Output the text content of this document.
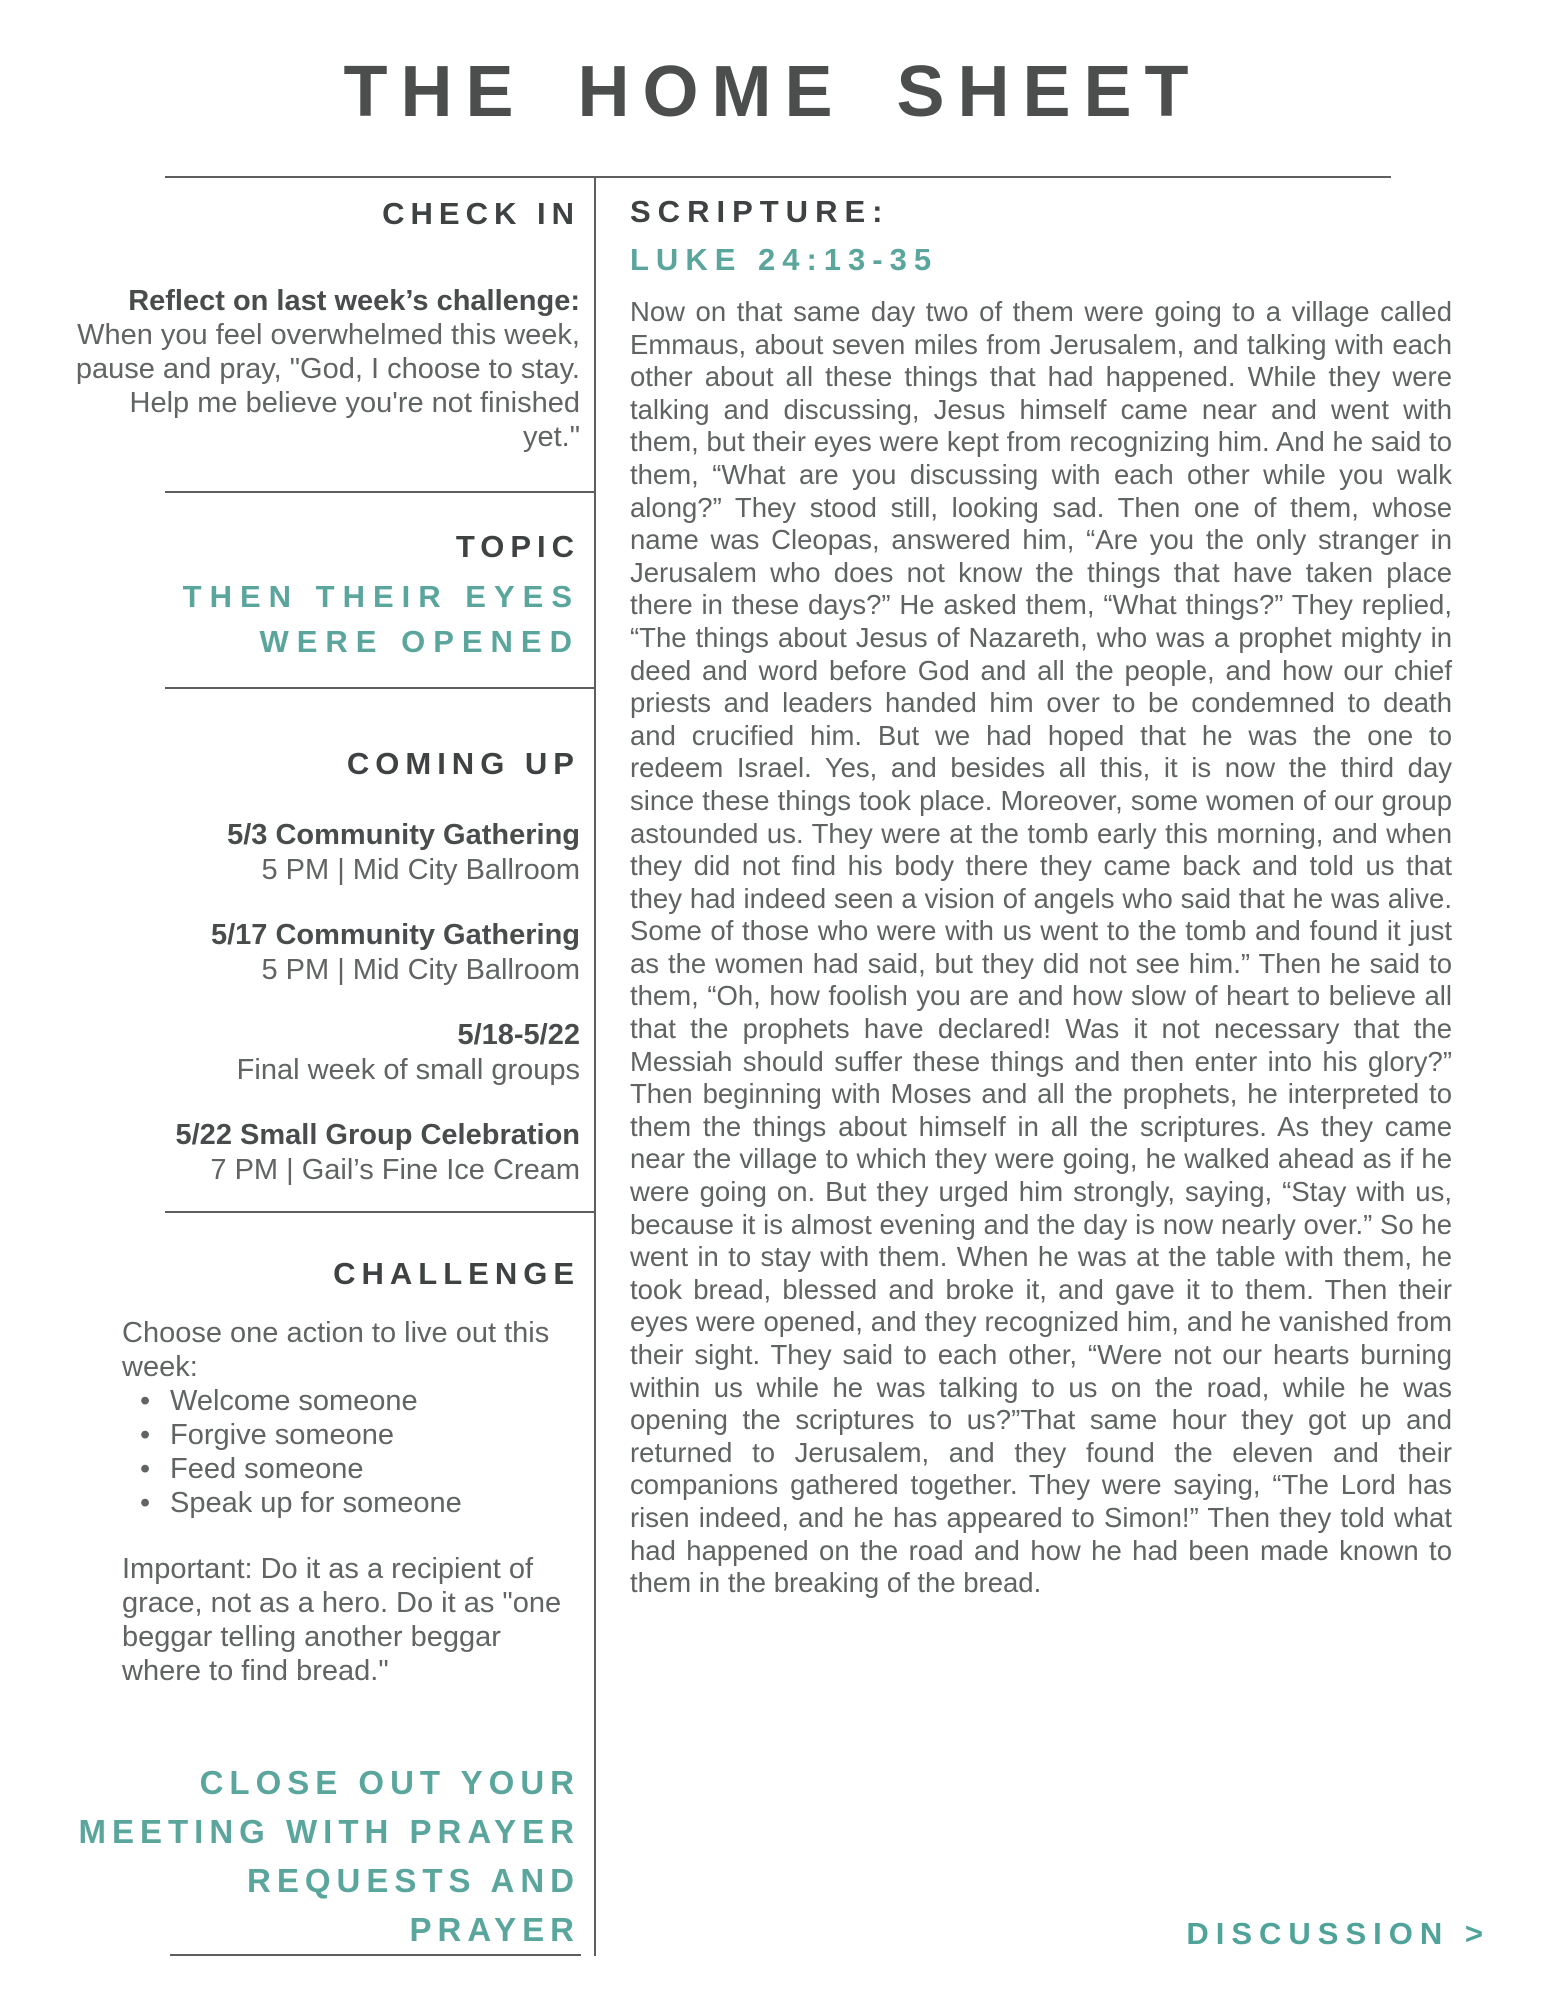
THE HOME SHEET
CHECK IN

Reflect on last week’s challenge: When you feel overwhelmed this week, pause and pray, "God, I choose to stay. Help me believe you're not finished yet."

TOPIC
THEN THEIR EYES WERE OPENED
COMING UP
5/3 Community Gathering
5 PM | Mid City Ballroom
5/17 Community Gathering
5 PM | Mid City Ballroom
5/18-5/22
Final week of small groups
5/22 Small Group Celebration
7 PM | Gail’s Fine Ice Cream
CHALLENGE

Choose one action to live out this week:

• Welcome someone
• Forgive someone
• Feed someone
• Speak up for someone

Important: Do it as a recipient of grace, not as a hero. Do it as "one beggar telling another beggar where to find bread."

CLOSE OUT YOUR MEETING WITH PRAYER REQUESTS AND PRAYER
SCRIPTURE:
LUKE 24:13-35

Now on that same day two of them were going to a village called Emmaus, about seven miles from Jerusalem, and talking with each other about all these things that had happened. While they were talking and discussing, Jesus himself came near and went with them, but their eyes were kept from recognizing him. And he said to them, “What are you discussing with each other while you walk along?” They stood still, looking sad. Then one of them, whose name was Cleopas, answered him, “Are you the only stranger in Jerusalem who does not know the things that have taken place there in these days?” He asked them, “What things?” They replied, “The things about Jesus of Nazareth, who was a prophet mighty in deed and word before God and all the people, and how our chief priests and leaders handed him over to be condemned to death and crucified him. But we had hoped that he was the one to redeem Israel. Yes, and besides all this, it is now the third day since these things took place. Moreover, some women of our group astounded us. They were at the tomb early this morning, and when they did not find his body there they came back and told us that they had indeed seen a vision of angels who said that he was alive. Some of those who were with us went to the tomb and found it just as the women had said, but they did not see him.” Then he said to them, “Oh, how foolish you are and how slow of heart to believe all that the prophets have declared! Was it not necessary that the Messiah should suffer these things and then enter into his glory?” Then beginning with Moses and all the prophets, he interpreted to them the things about himself in all the scriptures. As they came near the village to which they were going, he walked ahead as if he were going on. But they urged him strongly, saying, “Stay with us, because it is almost evening and the day is now nearly over.” So he went in to stay with them. When he was at the table with them, he took bread, blessed and broke it, and gave it to them. Then their eyes were opened, and they recognized him, and he vanished from their sight. They said to each other, “Were not our hearts burning within us while he was talking to us on the road, while he was opening the scriptures to us?”That same hour they got up and returned to Jerusalem, and they found the eleven and their companions gathered together. They were saying, “The Lord has risen indeed, and he has appeared to Simon!” Then they told what had happened on the road and how he had been made known to them in the breaking of the bread.

DISCUSSION >
